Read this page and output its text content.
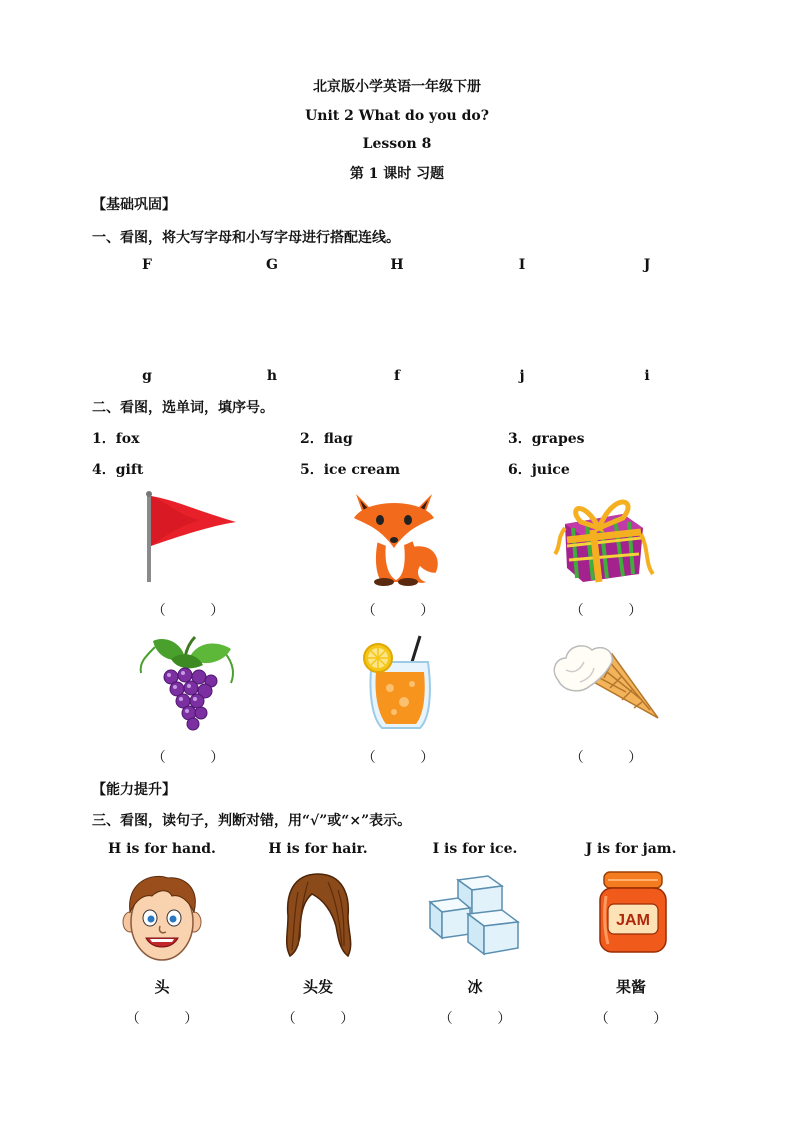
北京版小学英语一年级下册
Unit 2 What do you do?
Lesson 8
第 1 课时 习题
【基础巩固】
一、看图，将大写字母和小写字母进行搭配连线。
F	G	H	I	J
g	h	f	j	i
二、看图，选单词，填序号。
1．fox	2．flag	3．grapes
4．gift	5．ice cream	6．juice
（          ）	（          ）	（          ）
（          ）	（          ）	（          ）
【能力提升】
三、看图，读句子，判断对错，用“√”或“×”表示。
H is for hand.	H is for hair.	I is for ice.	J is for jam.
JAM
头	头发	冰	果酱
（          ）	（          ）	（          ）	（          ）
